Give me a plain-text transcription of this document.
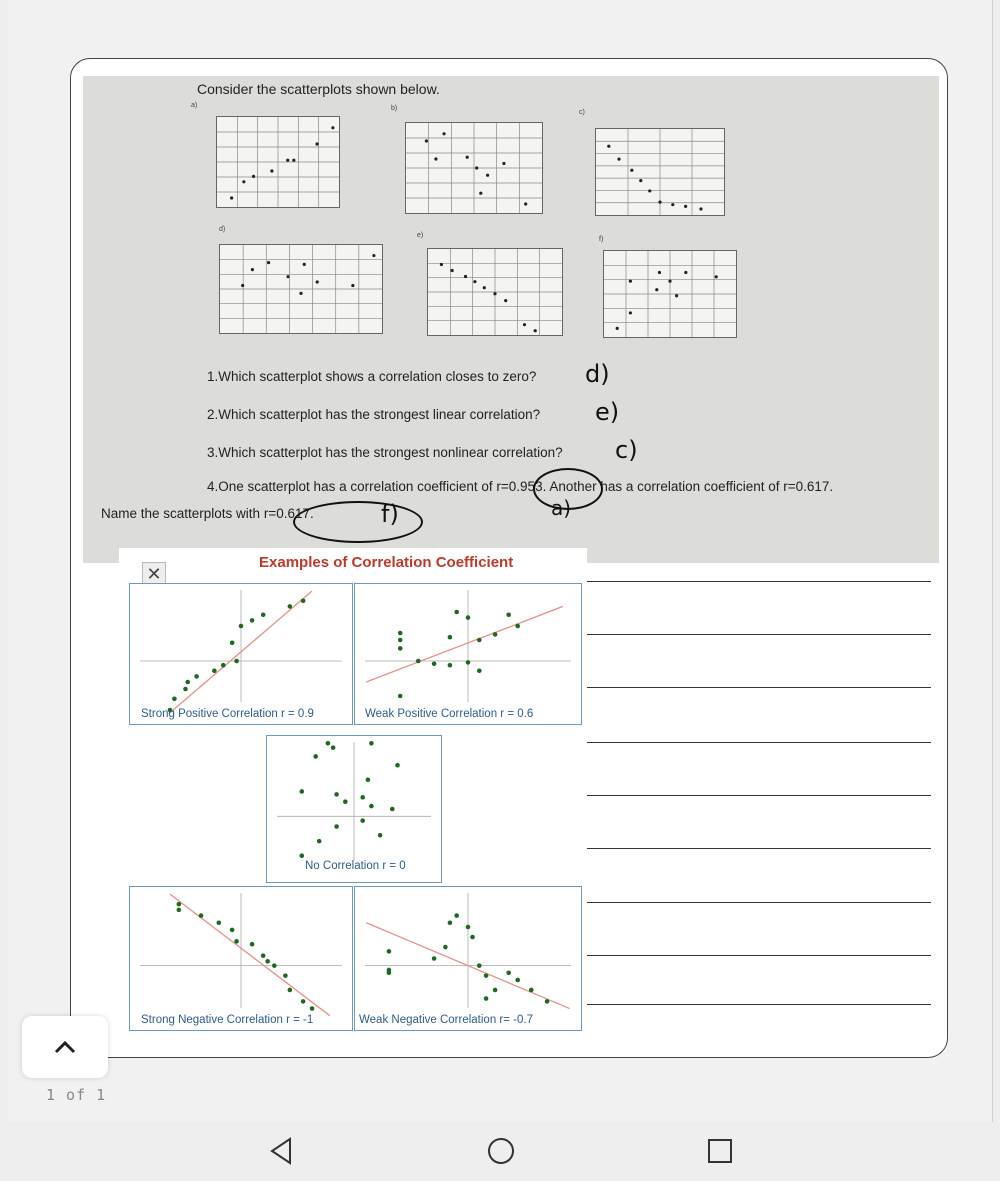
Consider the scatterplots shown below.
a)	b)
c)
d)
e)
f)
1.Which scatterplot shows a correlation closes to zero?
2.Which scatterplot has the strongest linear correlation?
3.Which scatterplot has the strongest nonlinear correlation?
4.One scatterplot has a correlation coefficient of r=0.953. Another has a correlation coefficient of r=0.617.
Name the scatterplots with r=0.617.
d)
e)
c)
a)
f)
Examples of Correlation Coefficient
✕
Strong Positive Correlation r = 0.9	Weak Positive Correlation r = 0.6
No Correlation r = 0
Strong Negative Correlation r = -1	Weak Negative Correlation r= -0.7
1 of 1
